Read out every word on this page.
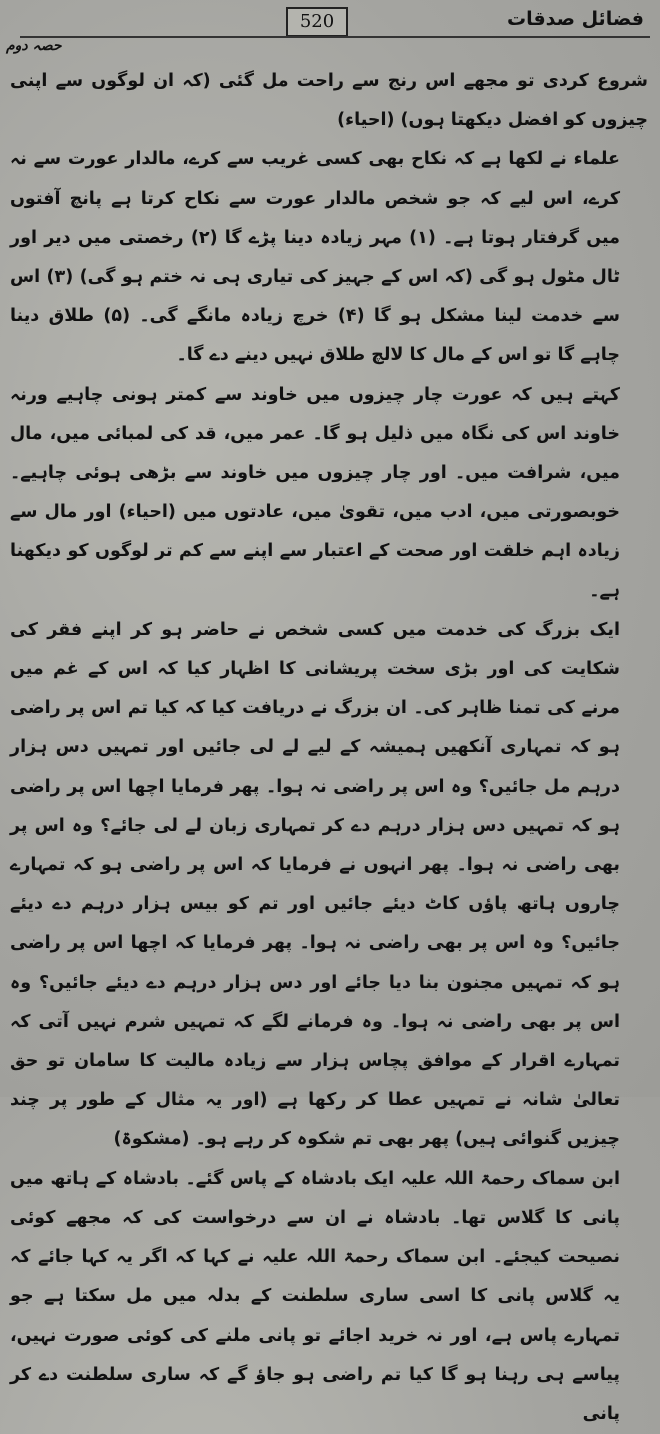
520	فضائل صدقات
حصہ دوم

شروع کردی تو مجھے اس رنج سے راحت مل گئی (کہ ان لوگوں سے اپنی چیزوں کو افضل دیکھتا ہوں) (احیاء)

علماء نے لکھا ہے کہ نکاح بھی کسی غریب سے کرے، مالدار عورت سے نہ کرے، اس لیے کہ جو شخص مالدار عورت سے نکاح کرتا ہے پانچ آفتوں میں گرفتار ہوتا ہے۔ (۱) مہر زیادہ دینا پڑے گا (۲) رخصتی میں دیر اور ٹال مٹول ہو گی (کہ اس کے جہیز کی تیاری ہی نہ ختم ہو گی) (۳) اس سے خدمت لینا مشکل ہو گا (۴) خرچ زیادہ مانگے گی۔ (۵) طلاق دینا چاہے گا تو اس کے مال کا لالچ طلاق نہیں دینے دے گا۔

کہتے ہیں کہ عورت چار چیزوں میں خاوند سے کمتر ہونی چاہیے ورنہ خاوند اس کی نگاہ میں ذلیل ہو گا۔ عمر میں، قد کی لمبائی میں، مال میں، شرافت میں۔ اور چار چیزوں میں خاوند سے بڑھی ہوئی چاہیے۔ خوبصورتی میں، ادب میں، تقویٰ میں، عادتوں میں (احیاء) اور مال سے زیادہ اہم خلقت اور صحت کے اعتبار سے اپنے سے کم تر لوگوں کو دیکھنا ہے۔

ایک بزرگ کی خدمت میں کسی شخص نے حاضر ہو کر اپنے فقر کی شکایت کی اور بڑی سخت پریشانی کا اظہار کیا کہ اس کے غم میں مرنے کی تمنا ظاہر کی۔ ان بزرگ نے دریافت کیا کہ کیا تم اس پر راضی ہو کہ تمہاری آنکھیں ہمیشہ کے لیے لے لی جائیں اور تمہیں دس ہزار درہم مل جائیں؟ وہ اس پر راضی نہ ہوا۔ پھر فرمایا اچھا اس پر راضی ہو کہ تمہیں دس ہزار درہم دے کر تمہاری زبان لے لی جائے؟ وہ اس پر بھی راضی نہ ہوا۔ پھر انہوں نے فرمایا کہ اس پر راضی ہو کہ تمہارے چاروں ہاتھ پاؤں کاٹ دیئے جائیں اور تم کو بیس ہزار درہم دے دیئے جائیں؟ وہ اس پر بھی راضی نہ ہوا۔ پھر فرمایا کہ اچھا اس پر راضی ہو کہ تمہیں مجنون بنا دیا جائے اور دس ہزار درہم دے دیئے جائیں؟ وہ اس پر بھی راضی نہ ہوا۔ وہ فرمانے لگے کہ تمہیں شرم نہیں آتی کہ تمہارے اقرار کے موافق پچاس ہزار سے زیادہ مالیت کا سامان تو حق تعالیٰ شانہ نے تمہیں عطا کر رکھا ہے (اور یہ مثال کے طور پر چند چیزیں گنوائی ہیں) پھر بھی تم شکوہ کر رہے ہو۔ (مشکوۃ)

ابن سماک رحمۃ اللہ علیہ ایک بادشاہ کے پاس گئے۔ بادشاہ کے ہاتھ میں پانی کا گلاس تھا۔ بادشاہ نے ان سے درخواست کی کہ مجھے کوئی نصیحت کیجئے۔ ابن سماک رحمۃ اللہ علیہ نے کہا کہ اگر یہ کہا جائے کہ یہ گلاس پانی کا اسی ساری سلطنت کے بدلہ میں مل سکتا ہے جو تمہارے پاس ہے، اور نہ خرید اجائے تو پانی ملنے کی کوئی صورت نہیں، پیاسے ہی رہنا ہو گا کیا تم راضی ہو جاؤ گے کہ ساری سلطنت دے کر پانی
